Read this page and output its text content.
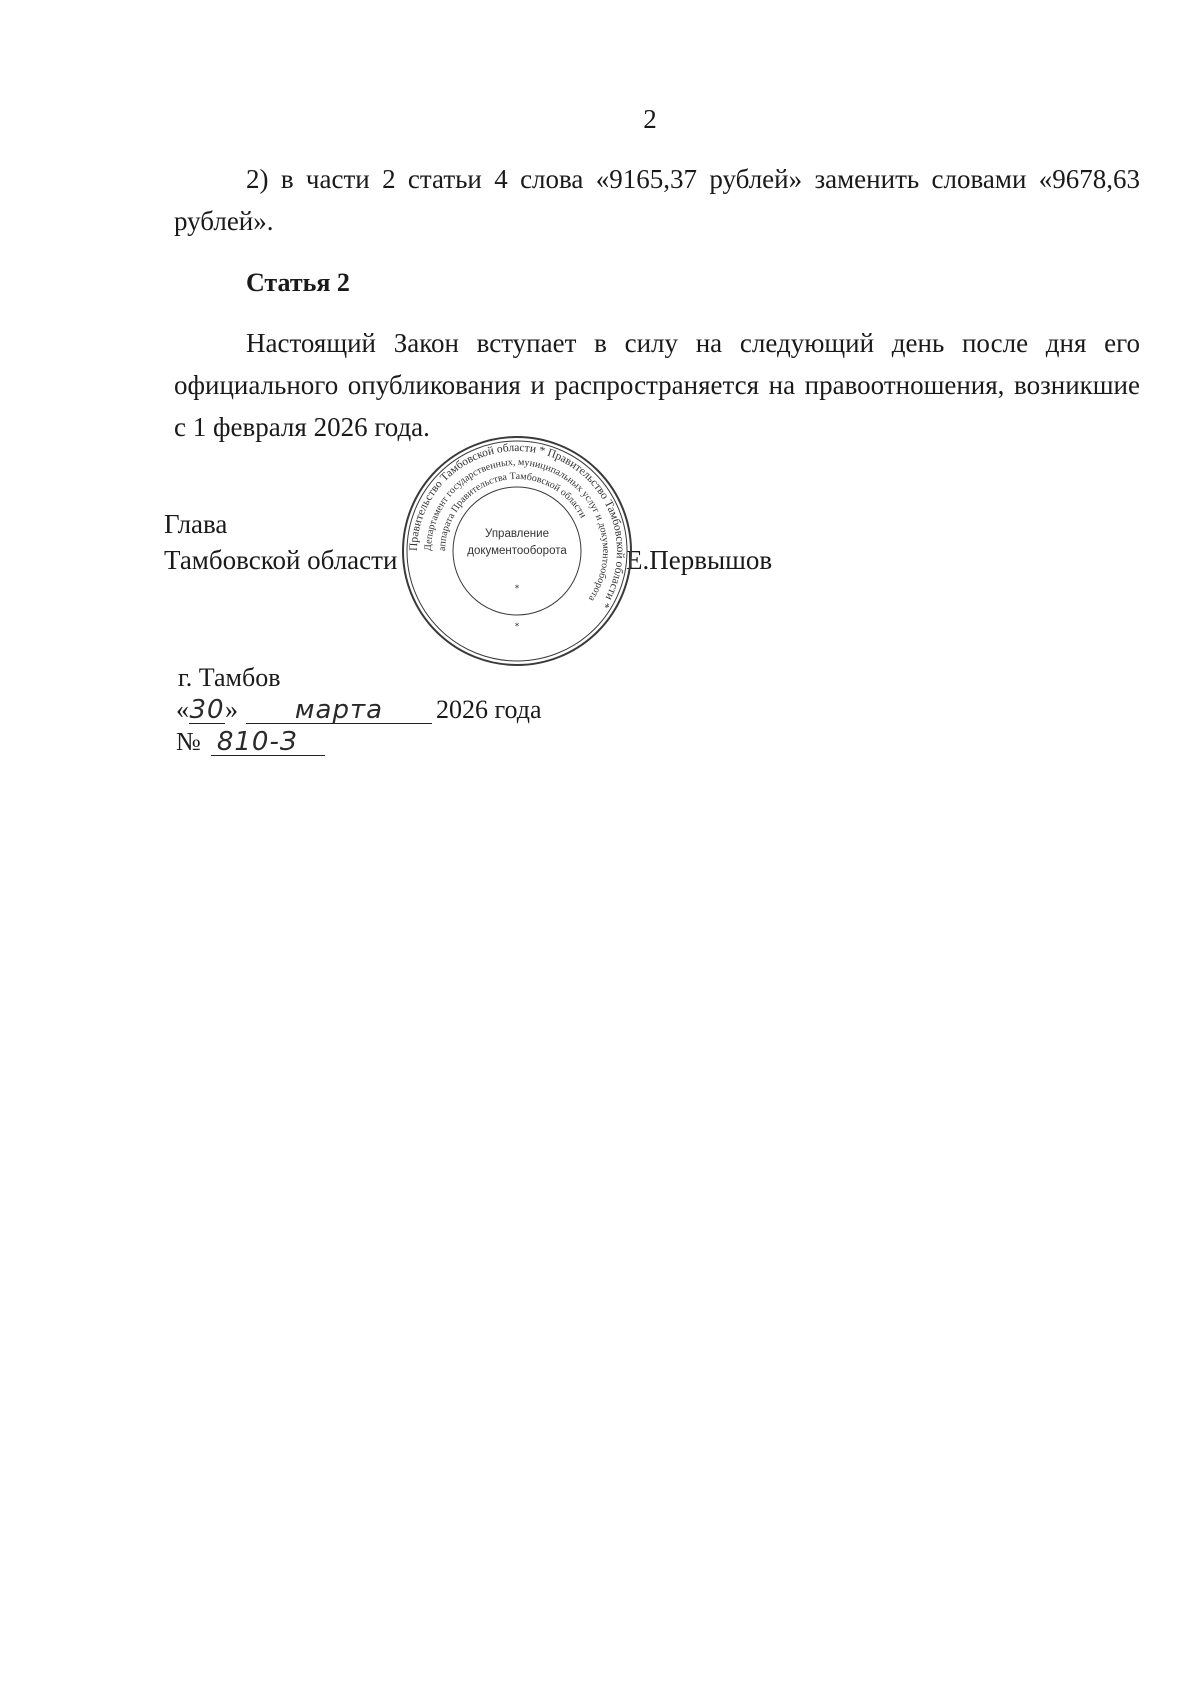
2

2) в части 2 статьи 4 слова «9165,37 рублей» заменить словами «9678,63 рублей».

Статья 2

Настоящий Закон вступает в силу на следующий день после дня его официального опубликования и распространяется на правоотношения, возникшие с 1 февраля 2026 года.

Глава
Тамбовской области	Е.Первышов
Правительство Тамбовской области * Правительство Тамбовской области *
Департамент государственных, муниципальных услуг и документооборота
аппарата Правительства Тамбовской области
Управление
документооборота
*
*
г. Тамбов
«30» марта 2026 года
№ 810-З
